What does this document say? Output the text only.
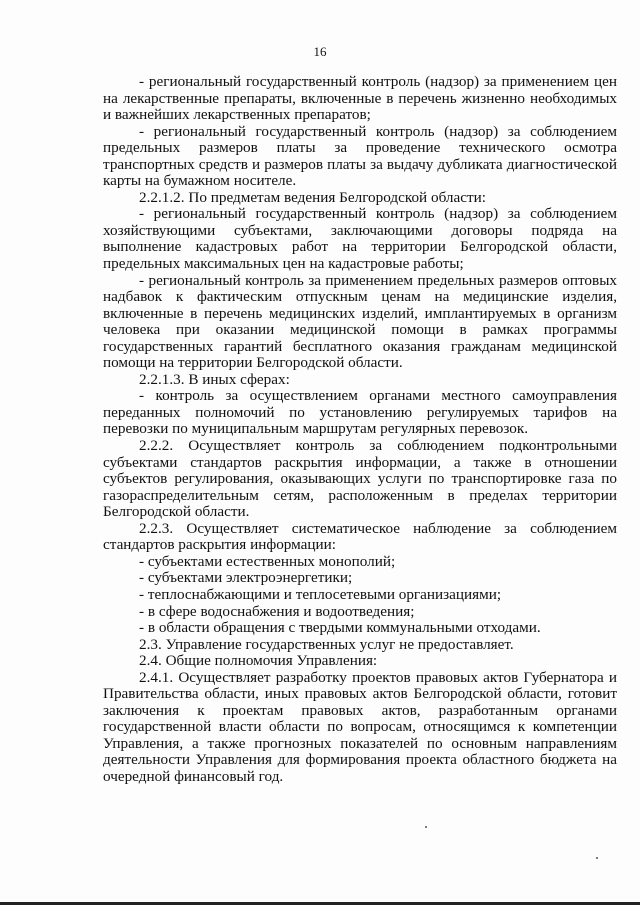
16

- региональный государственный контроль (надзор) за применением цен на лекарственные препараты, включенные в перечень жизненно необходимых и важнейших лекарственных препаратов;

- региональный государственный контроль (надзор) за соблюдением предельных размеров платы за проведение технического осмотра транспортных средств и размеров платы за выдачу дубликата диагностической карты на бумажном носителе.

2.2.1.2. По предметам ведения Белгородской области:

- региональный государственный контроль (надзор) за соблюдением хозяйствующими субъектами, заключающими договоры подряда на выполнение кадастровых работ на территории Белгородской области, предельных максимальных цен на кадастровые работы;

- региональный контроль за применением предельных размеров оптовых надбавок к фактическим отпускным ценам на медицинские изделия, включенные в перечень медицинских изделий, имплантируемых в организм человека при оказании медицинской помощи в рамках программы государственных гарантий бесплатного оказания гражданам медицинской помощи на территории Белгородской области.

2.2.1.3. В иных сферах:

- контроль за осуществлением органами местного самоуправления переданных полномочий по установлению регулируемых тарифов на перевозки по муниципальным маршрутам регулярных перевозок.

2.2.2. Осуществляет контроль за соблюдением подконтрольными субъектами стандартов раскрытия информации, а также в отношении субъектов регулирования, оказывающих услуги по транспортировке газа по газораспределительным сетям, расположенным в пределах территории Белгородской области.

2.2.3. Осуществляет систематическое наблюдение за соблюдением стандартов раскрытия информации:

- субъектами естественных монополий;

- субъектами электроэнергетики;

- теплоснабжающими и теплосетевыми организациями;

- в сфере водоснабжения и водоотведения;

- в области обращения с твердыми коммунальными отходами.

2.3. Управление государственных услуг не предоставляет.

2.4. Общие полномочия Управления:

2.4.1. Осуществляет разработку проектов правовых актов Губернатора и Правительства области, иных правовых актов Белгородской области, готовит заключения к проектам правовых актов, разработанным органами государственной власти области по вопросам, относящимся к компетенции Управления, а также прогнозных показателей по основным направлениям деятельности Управления для формирования проекта областного бюджета на очередной финансовый год.
